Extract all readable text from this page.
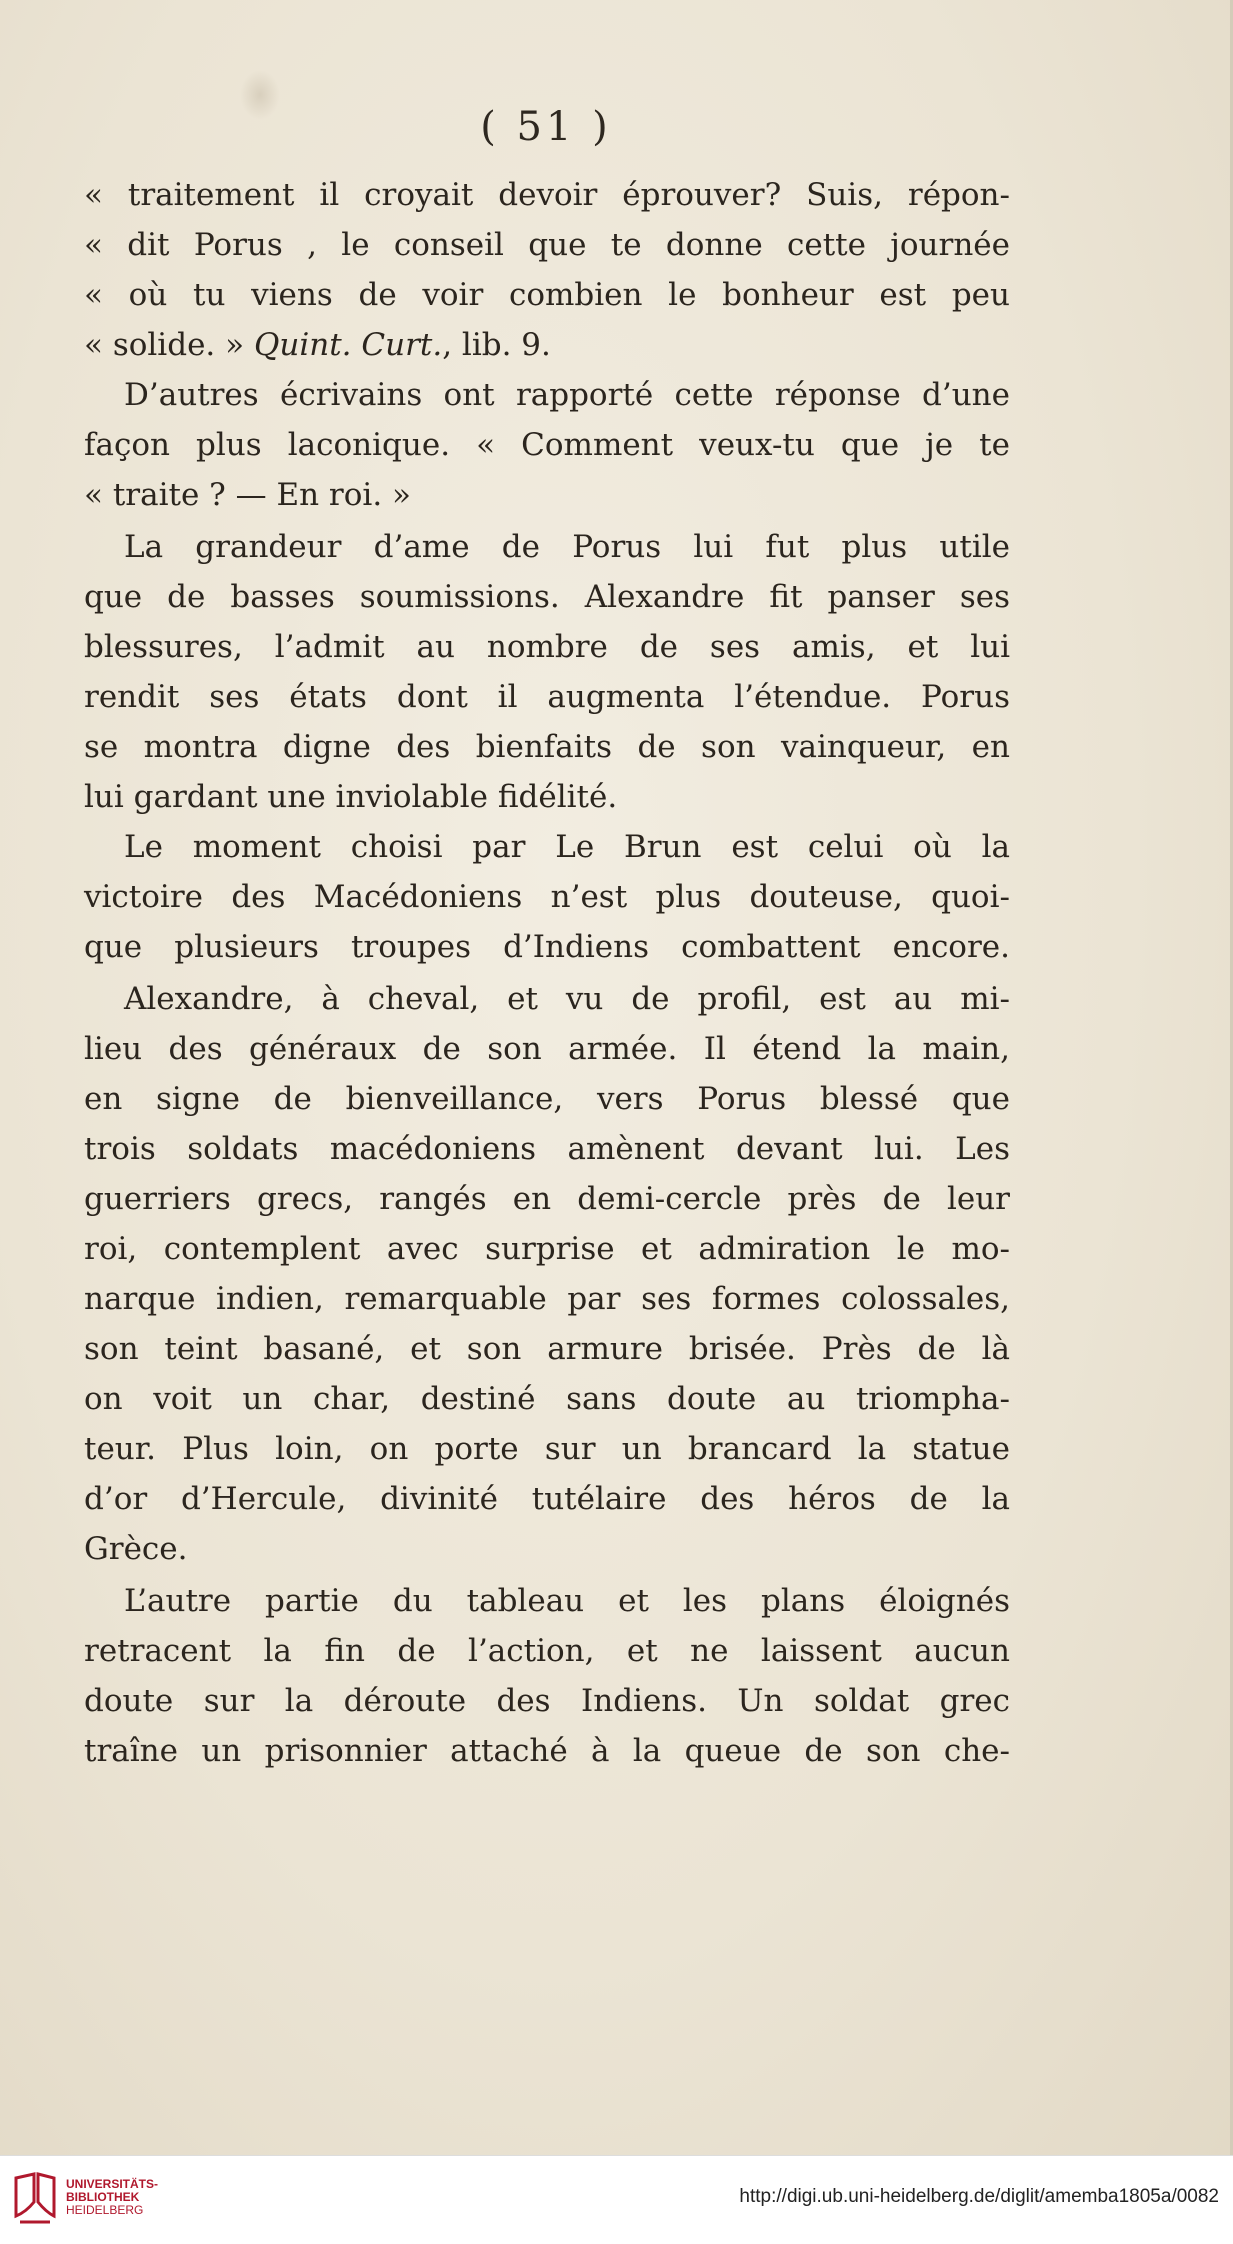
( 51 )
« traitement il croyait devoir éprouver? Suis, répon-
« dit Porus , le conseil que te donne cette journée
« où tu viens de voir combien le bonheur est peu
« solide. » Quint. Curt., lib. 9.
D’autres écrivains ont rapporté cette réponse d’une
façon plus laconique. « Comment veux-tu que je te
« traite ? — En roi. »
La grandeur d’ame de Porus lui fut plus utile
que de basses soumissions. Alexandre fit panser ses
blessures, l’admit au nombre de ses amis, et lui
rendit ses états dont il augmenta l’étendue. Porus
se montra digne des bienfaits de son vainqueur, en
lui gardant une inviolable fidélité.
Le moment choisi par Le Brun est celui où la
victoire des Macédoniens n’est plus douteuse, quoi-
que plusieurs troupes d’Indiens combattent encore.
Alexandre, à cheval, et vu de profil, est au mi-
lieu des généraux de son armée. Il étend la main,
en signe de bienveillance, vers Porus blessé que
trois soldats macédoniens amènent devant lui. Les
guerriers grecs, rangés en demi-cercle près de leur
roi, contemplent avec surprise et admiration le mo-
narque indien, remarquable par ses formes colossales,
son teint basané, et son armure brisée. Près de là
on voit un char, destiné sans doute au triompha-
teur. Plus loin, on porte sur un brancard la statue
d’or d’Hercule, divinité tutélaire des héros de la
Grèce.
L’autre partie du tableau et les plans éloignés
retracent la fin de l’action, et ne laissent aucun
doute sur la déroute des Indiens. Un soldat grec
traîne un prisonnier attaché à la queue de son che-
UNIVERSITÄTS-
BIBLIOTHEK
HEIDELBERG
http://digi.ub.uni-heidelberg.de/diglit/amemba1805a/0082
